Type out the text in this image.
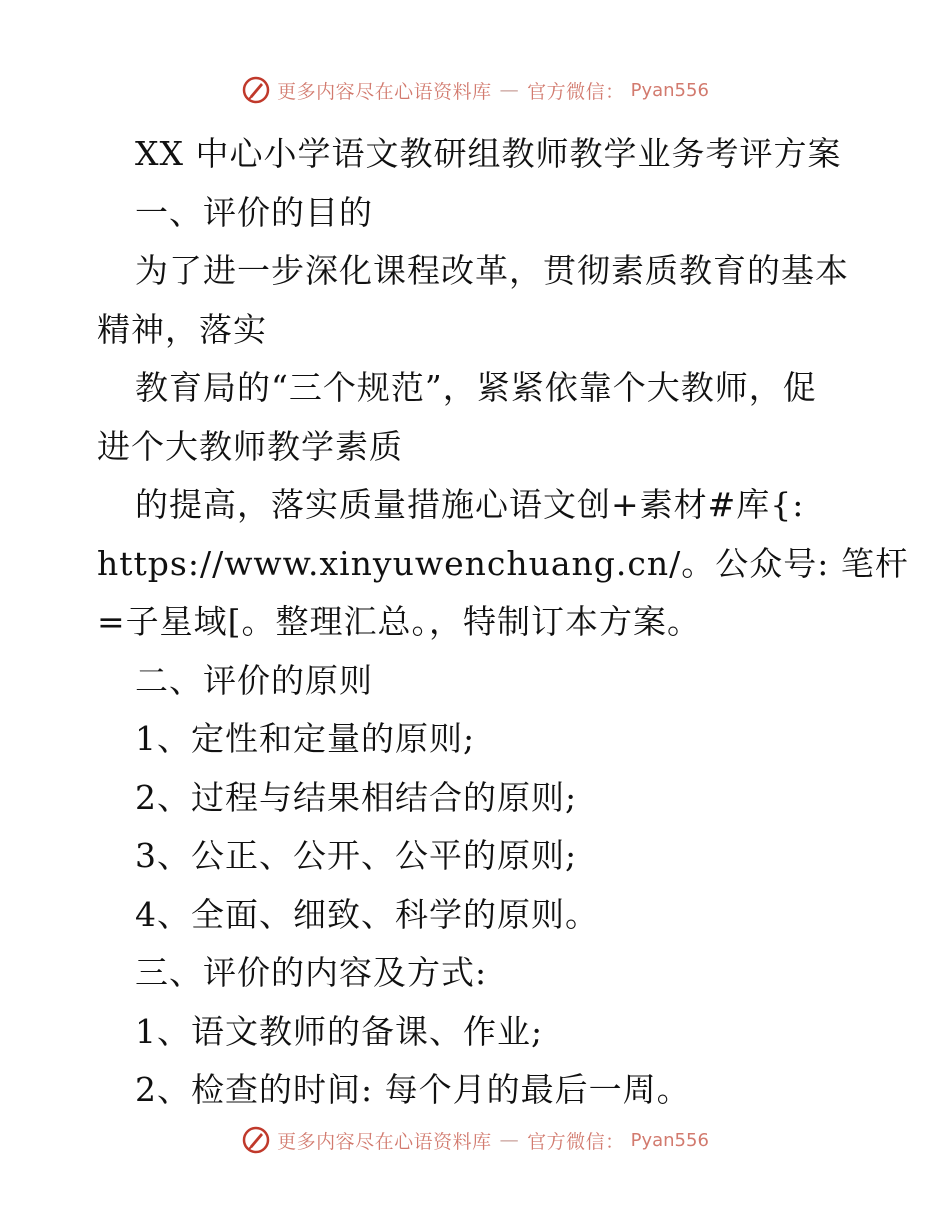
更多内容尽在心语资料库 — 官方微信： Pyan556
XX 中心小学语文教研组教师教学业务考评方案
一、评价的目的
为了进一步深化课程改革，贯彻素质教育的基本
精神，落实
教育局的“三个规范”，紧紧依靠个大教师，促
进个大教师教学素质
的提高，落实质量措施心语文创+素材#库{:
https://www.xinyuwenchuang.cn/。公众号: 笔杆
=子星域[。整理汇总。，特制订本方案。
二、评价的原则
1、定性和定量的原则;
2、过程与结果相结合的原则;
3、公正、公开、公平的原则;
4、全面、细致、科学的原则。
三、评价的内容及方式:
1、语文教师的备课、作业;
2、检查的时间: 每个月的最后一周。
更多内容尽在心语资料库 — 官方微信： Pyan556
